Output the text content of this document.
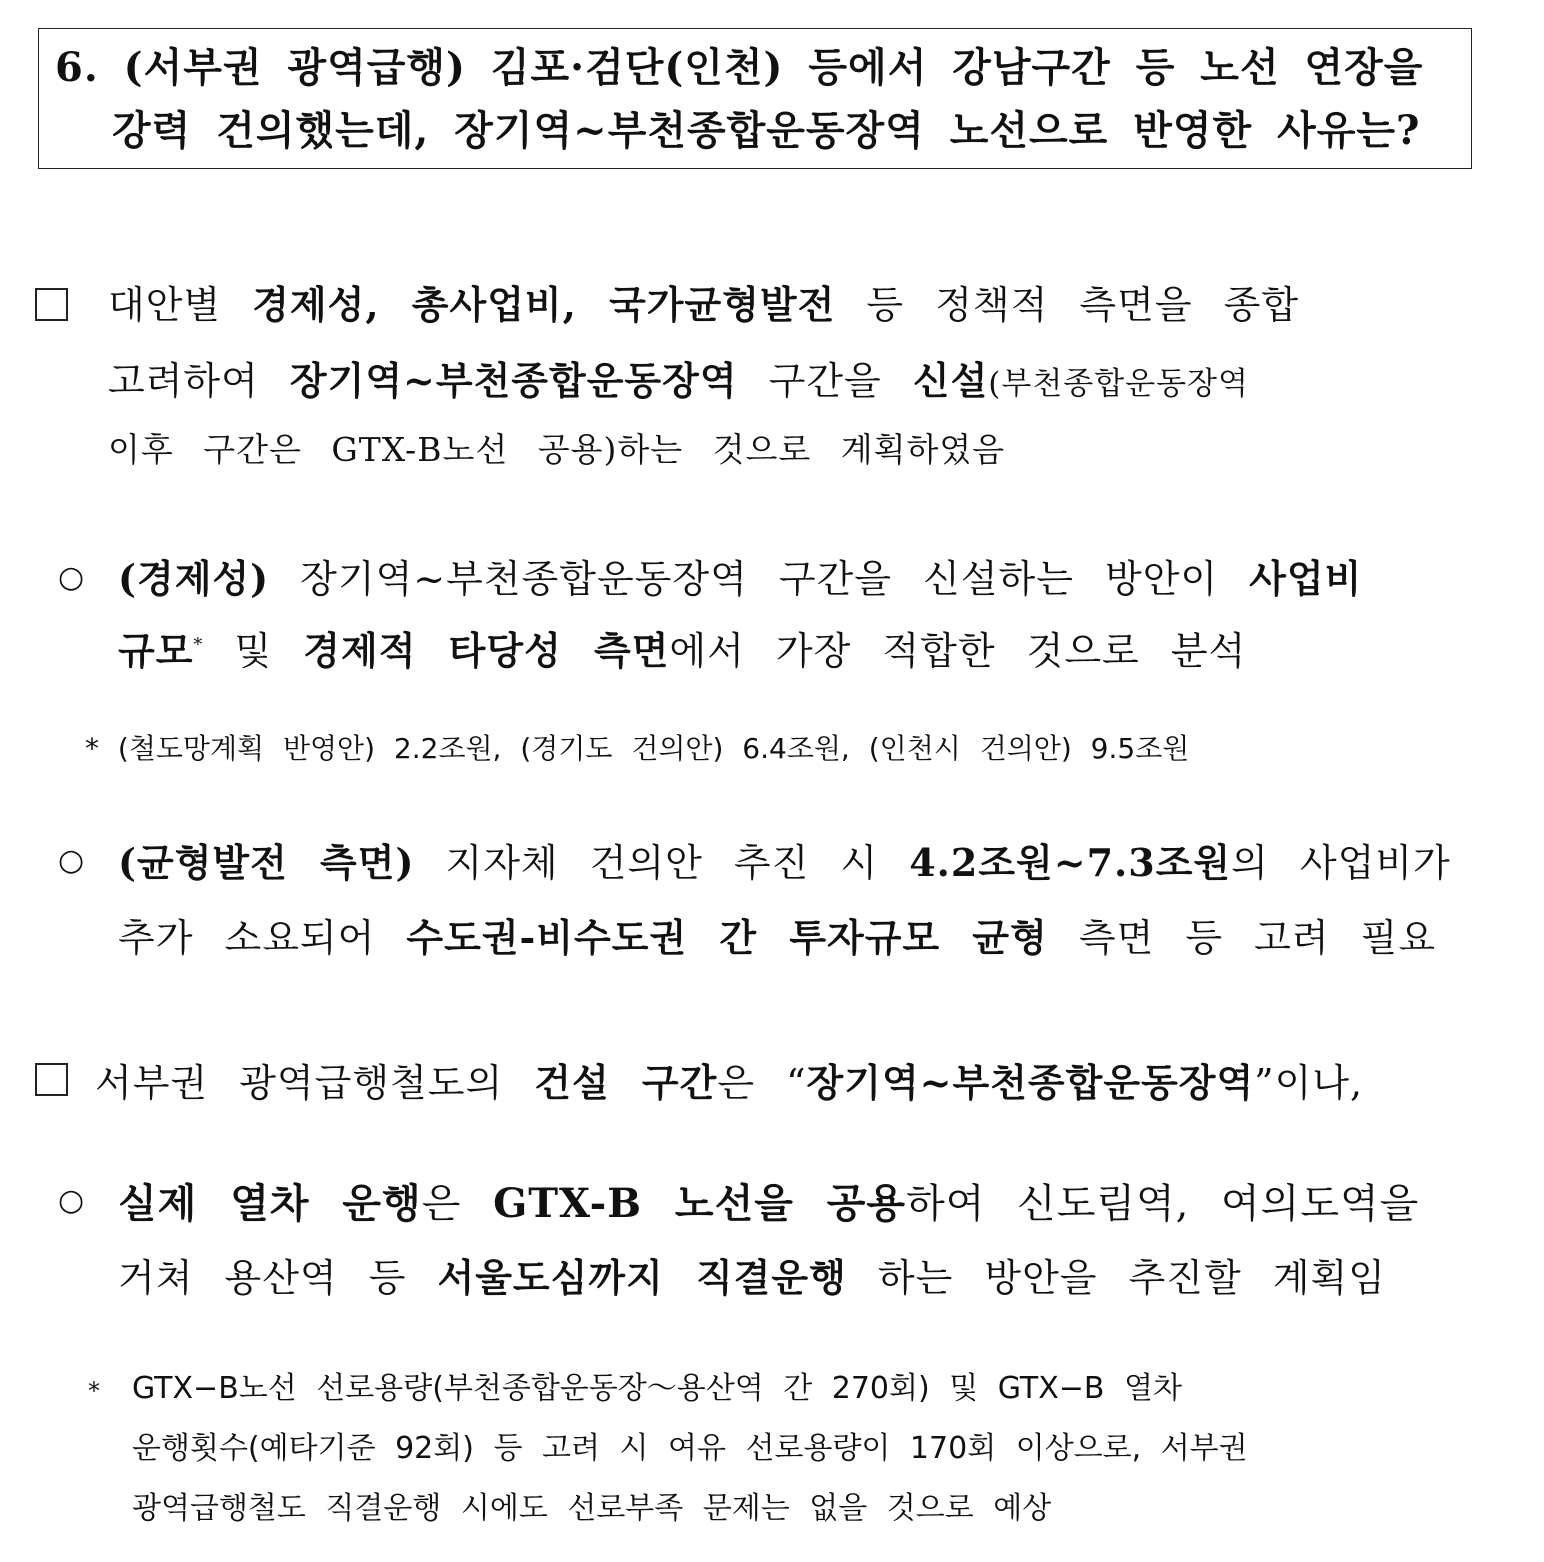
6. (서부권 광역급행) 김포·검단(인천) 등에서 강남구간 등 노선 연장을
강력 건의했는데, 장기역~부천종합운동장역 노선으로 반영한 사유는?
대안별 경제성, 총사업비, 국가균형발전 등 정책적 측면을 종합
고려하여 장기역~부천종합운동장역 구간을 신설(부천종합운동장역
이후 구간은 GTX-B노선 공용)하는 것으로 계획하였음
○ (경제성) 장기역~부천종합운동장역 구간을 신설하는 방안이 사업비
규모* 및 경제적 타당성 측면에서 가장 적합한 것으로 분석
* (철도망계획 반영안) 2.2조원, (경기도 건의안) 6.4조원, (인천시 건의안) 9.5조원
○ (균형발전 측면) 지자체 건의안 추진 시 4.2조원~7.3조원의 사업비가
추가 소요되어 수도권-비수도권 간 투자규모 균형 측면 등 고려 필요
서부권 광역급행철도의 건설 구간은 “장기역~부천종합운동장역”이나,
○ 실제 열차 운행은 GTX-B 노선을 공용하여 신도림역, 여의도역을
거쳐 용산역 등 서울도심까지 직결운행 하는 방안을 추진할 계획임
* GTX−B노선 선로용량(부천종합운동장～용산역 간 270회) 및 GTX−B 열차
운행횟수(예타기준 92회) 등 고려 시 여유 선로용량이 170회 이상으로, 서부권
광역급행철도 직결운행 시에도 선로부족 문제는 없을 것으로 예상
